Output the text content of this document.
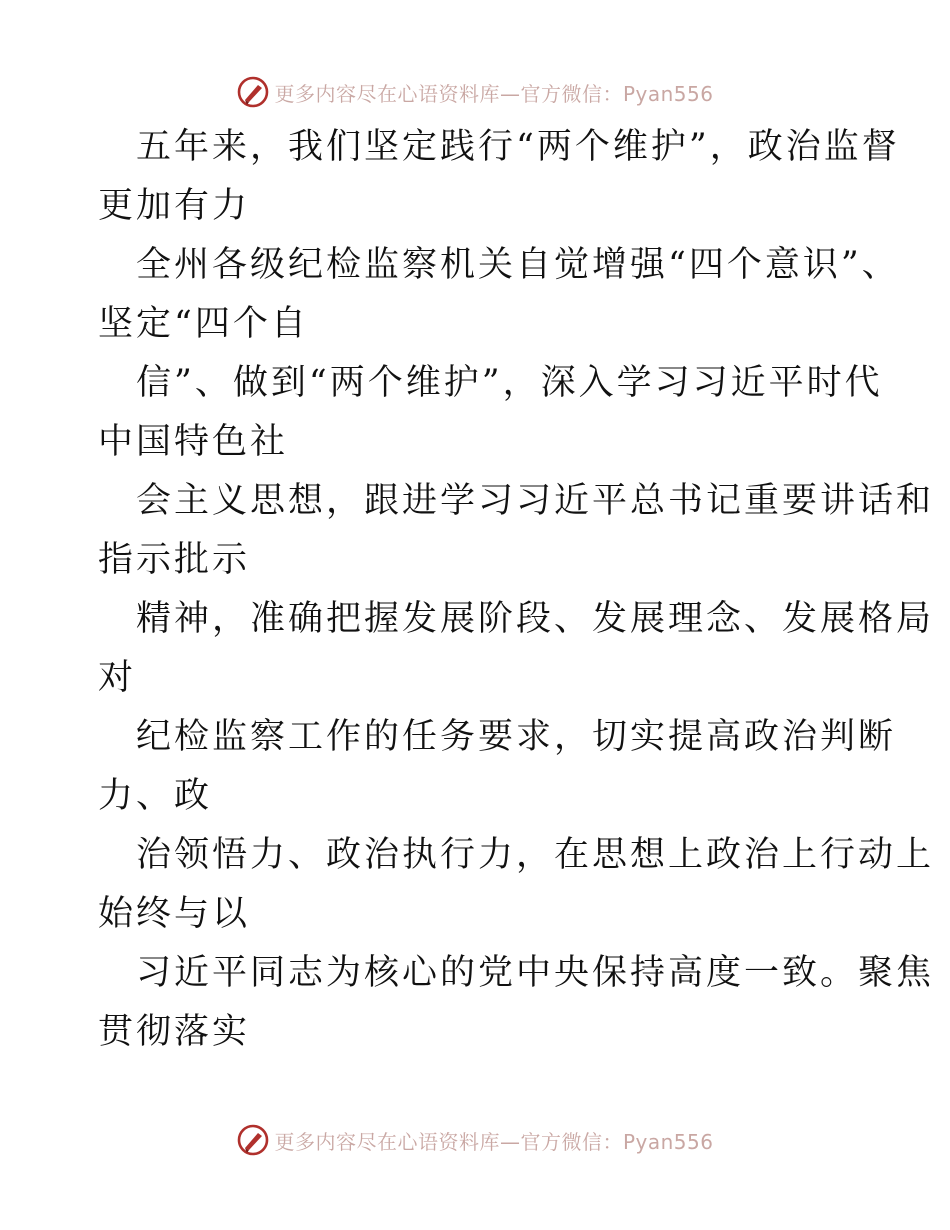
更多内容尽在心语资料库—官方微信：Pyan556
五年来，我们坚定践行“两个维护”，政治监督
更加有力
全州各级纪检监察机关自觉增强“四个意识”、
坚定“四个自
信”、做到“两个维护”，深入学习习近平时代
中国特色社
会主义思想，跟进学习习近平总书记重要讲话和
指示批示
精神，准确把握发展阶段、发展理念、发展格局
对
纪检监察工作的任务要求，切实提高政治判断
力、政
治领悟力、政治执行力，在思想上政治上行动上
始终与以
习近平同志为核心的党中央保持高度一致。聚焦
贯彻落实
更多内容尽在心语资料库—官方微信：Pyan556
